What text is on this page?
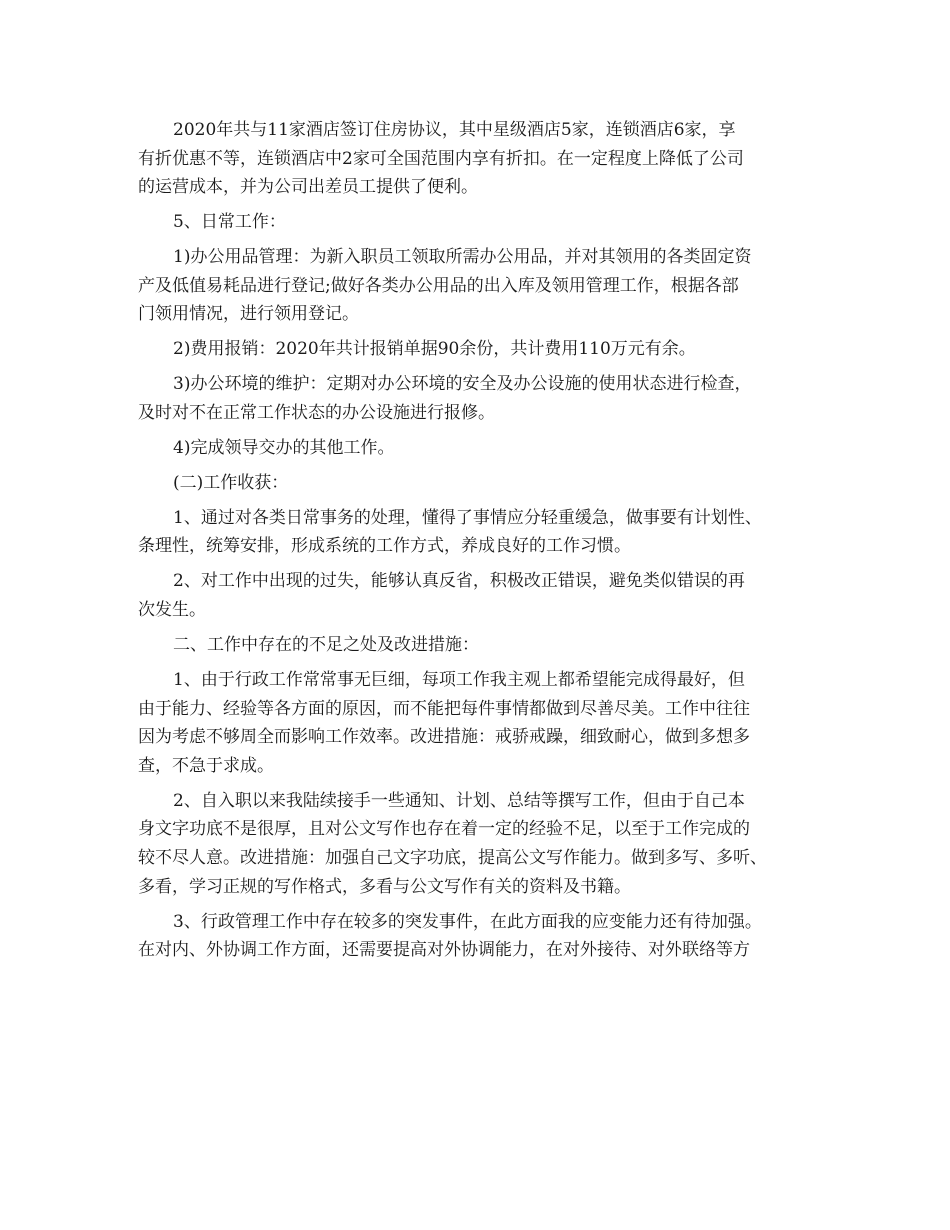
2020年共与11家酒店签订住房协议，其中星级酒店5家，连锁酒店6家，享
有折优惠不等，连锁酒店中2家可全国范围内享有折扣。在一定程度上降低了公司
的运营成本，并为公司出差员工提供了便利。
5、日常工作：
1)办公用品管理：为新入职员工领取所需办公用品，并对其领用的各类固定资
产及低值易耗品进行登记;做好各类办公用品的出入库及领用管理工作，根据各部
门领用情况，进行领用登记。
2)费用报销：2020年共计报销单据90余份，共计费用110万元有余。
3)办公环境的维护：定期对办公环境的安全及办公设施的使用状态进行检查，
及时对不在正常工作状态的办公设施进行报修。
4)完成领导交办的其他工作。
(二)工作收获：
1、通过对各类日常事务的处理，懂得了事情应分轻重缓急，做事要有计划性、
条理性，统筹安排，形成系统的工作方式，养成良好的工作习惯。
2、对工作中出现的过失，能够认真反省，积极改正错误，避免类似错误的再
次发生。
二、工作中存在的不足之处及改进措施：
1、由于行政工作常常事无巨细，每项工作我主观上都希望能完成得最好，但
由于能力、经验等各方面的原因，而不能把每件事情都做到尽善尽美。工作中往往
因为考虑不够周全而影响工作效率。改进措施：戒骄戒躁，细致耐心，做到多想多
查，不急于求成。
2、自入职以来我陆续接手一些通知、计划、总结等撰写工作，但由于自己本
身文字功底不是很厚，且对公文写作也存在着一定的经验不足，以至于工作完成的
较不尽人意。改进措施：加强自己文字功底，提高公文写作能力。做到多写、多听、
多看，学习正规的写作格式，多看与公文写作有关的资料及书籍。
3、行政管理工作中存在较多的突发事件，在此方面我的应变能力还有待加强。
在对内、外协调工作方面，还需要提高对外协调能力，在对外接待、对外联络等方
